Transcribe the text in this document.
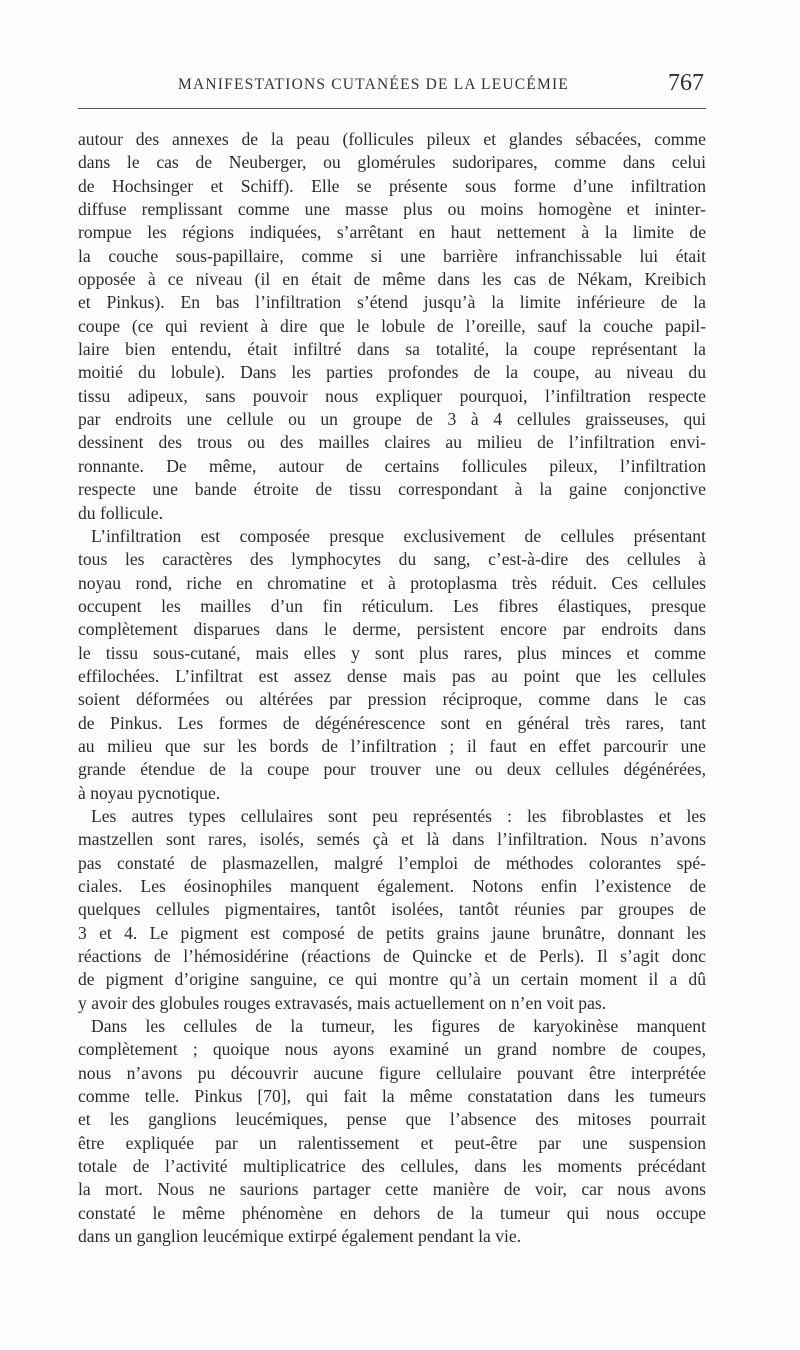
MANIFESTATIONS CUTANÉES DE LA LEUCÉMIE	767
autour des annexes de la peau (follicules pileux et glandes sébacées, comme
dans le cas de Neuberger, ou glomérules sudoripares, comme dans celui
de Hochsinger et Schiff). Elle se présente sous forme d’une infiltration
diffuse remplissant comme une masse plus ou moins homogène et ininter-
rompue les régions indiquées, s’arrêtant en haut nettement à la limite de
la couche sous-papillaire, comme si une barrière infranchissable lui était
opposée à ce niveau (il en était de même dans les cas de Nékam, Kreibich
et Pinkus). En bas l’infiltration s’étend jusqu’à la limite inférieure de la
coupe (ce qui revient à dire que le lobule de l’oreille, sauf la couche papil-
laire bien entendu, était infiltré dans sa totalité, la coupe représentant la
moitié du lobule). Dans les parties profondes de la coupe, au niveau du
tissu adipeux, sans pouvoir nous expliquer pourquoi, l’infiltration respecte
par endroits une cellule ou un groupe de 3 à 4 cellules graisseuses, qui
dessinent des trous ou des mailles claires au milieu de l’infiltration envi-
ronnante. De même, autour de certains follicules pileux, l’infiltration
respecte une bande étroite de tissu correspondant à la gaine conjonctive
du follicule.
L’infiltration est composée presque exclusivement de cellules présentant
tous les caractères des lymphocytes du sang, c’est-à-dire des cellules à
noyau rond, riche en chromatine et à protoplasma très réduit. Ces cellules
occupent les mailles d’un fin réticulum. Les fibres élastiques, presque
complètement disparues dans le derme, persistent encore par endroits dans
le tissu sous-cutané, mais elles y sont plus rares, plus minces et comme
effilochées. L’infiltrat est assez dense mais pas au point que les cellules
soient déformées ou altérées par pression réciproque, comme dans le cas
de Pinkus. Les formes de dégénérescence sont en général très rares, tant
au milieu que sur les bords de l’infiltration ; il faut en effet parcourir une
grande étendue de la coupe pour trouver une ou deux cellules dégénérées,
à noyau pycnotique.
Les autres types cellulaires sont peu représentés : les fibroblastes et les
mastzellen sont rares, isolés, semés çà et là dans l’infiltration. Nous n’avons
pas constaté de plasmazellen, malgré l’emploi de méthodes colorantes spé-
ciales. Les éosinophiles manquent également. Notons enfin l’existence de
quelques cellules pigmentaires, tantôt isolées, tantôt réunies par groupes de
3 et 4. Le pigment est composé de petits grains jaune brunâtre, donnant les
réactions de l’hémosidérine (réactions de Quincke et de Perls). Il s’agit donc
de pigment d’origine sanguine, ce qui montre qu’à un certain moment il a dû
y avoir des globules rouges extravasés, mais actuellement on n’en voit pas.
Dans les cellules de la tumeur, les figures de karyokinèse manquent
complètement ; quoique nous ayons examiné un grand nombre de coupes,
nous n’avons pu découvrir aucune figure cellulaire pouvant être interprétée
comme telle. Pinkus [70], qui fait la même constatation dans les tumeurs
et les ganglions leucémiques, pense que l’absence des mitoses pourrait
être expliquée par un ralentissement et peut-être par une suspension
totale de l’activité multiplicatrice des cellules, dans les moments précédant
la mort. Nous ne saurions partager cette manière de voir, car nous avons
constaté le même phénomène en dehors de la tumeur qui nous occupe
dans un ganglion leucémique extirpé également pendant la vie.
